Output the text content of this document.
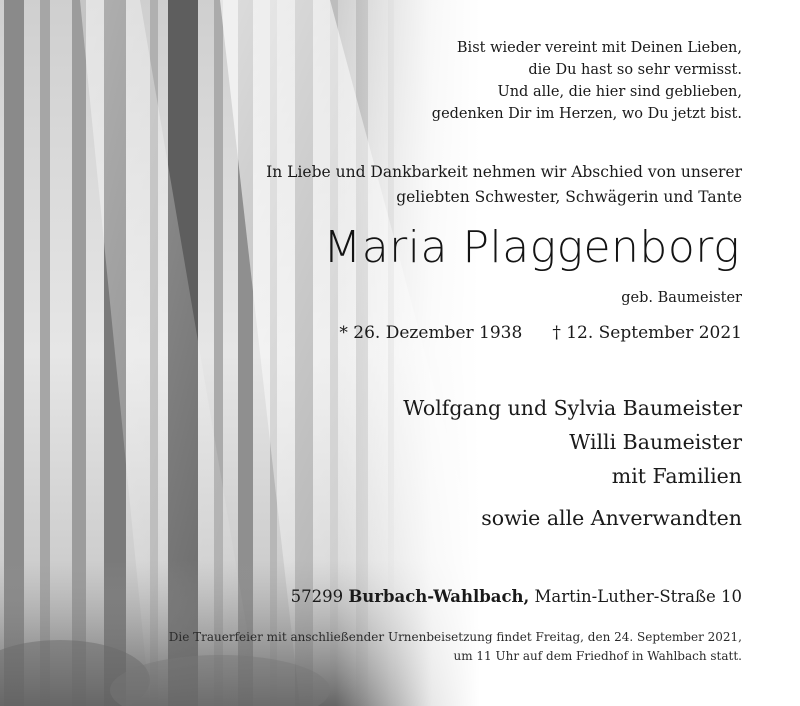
Bist wieder vereint mit Deinen Lieben,
die Du hast so sehr vermisst.
Und alle, die hier sind geblieben,
gedenken Dir im Herzen, wo Du jetzt bist.
In Liebe und Dankbarkeit nehmen wir Abschied von unserer
geliebten Schwester, Schwägerin und Tante
Maria Plaggenborg
geb. Baumeister
* 26. Dezember 1938 † 12. September 2021
Wolfgang und Sylvia Baumeister
Willi Baumeister
mit Familien
sowie alle Anverwandten
57299 Burbach-Wahlbach, Martin-Luther-Straße 10
Die Trauerfeier mit anschließender Urnenbeisetzung findet Freitag, den 24. September 2021,
um 11 Uhr auf dem Friedhof in Wahlbach statt.
